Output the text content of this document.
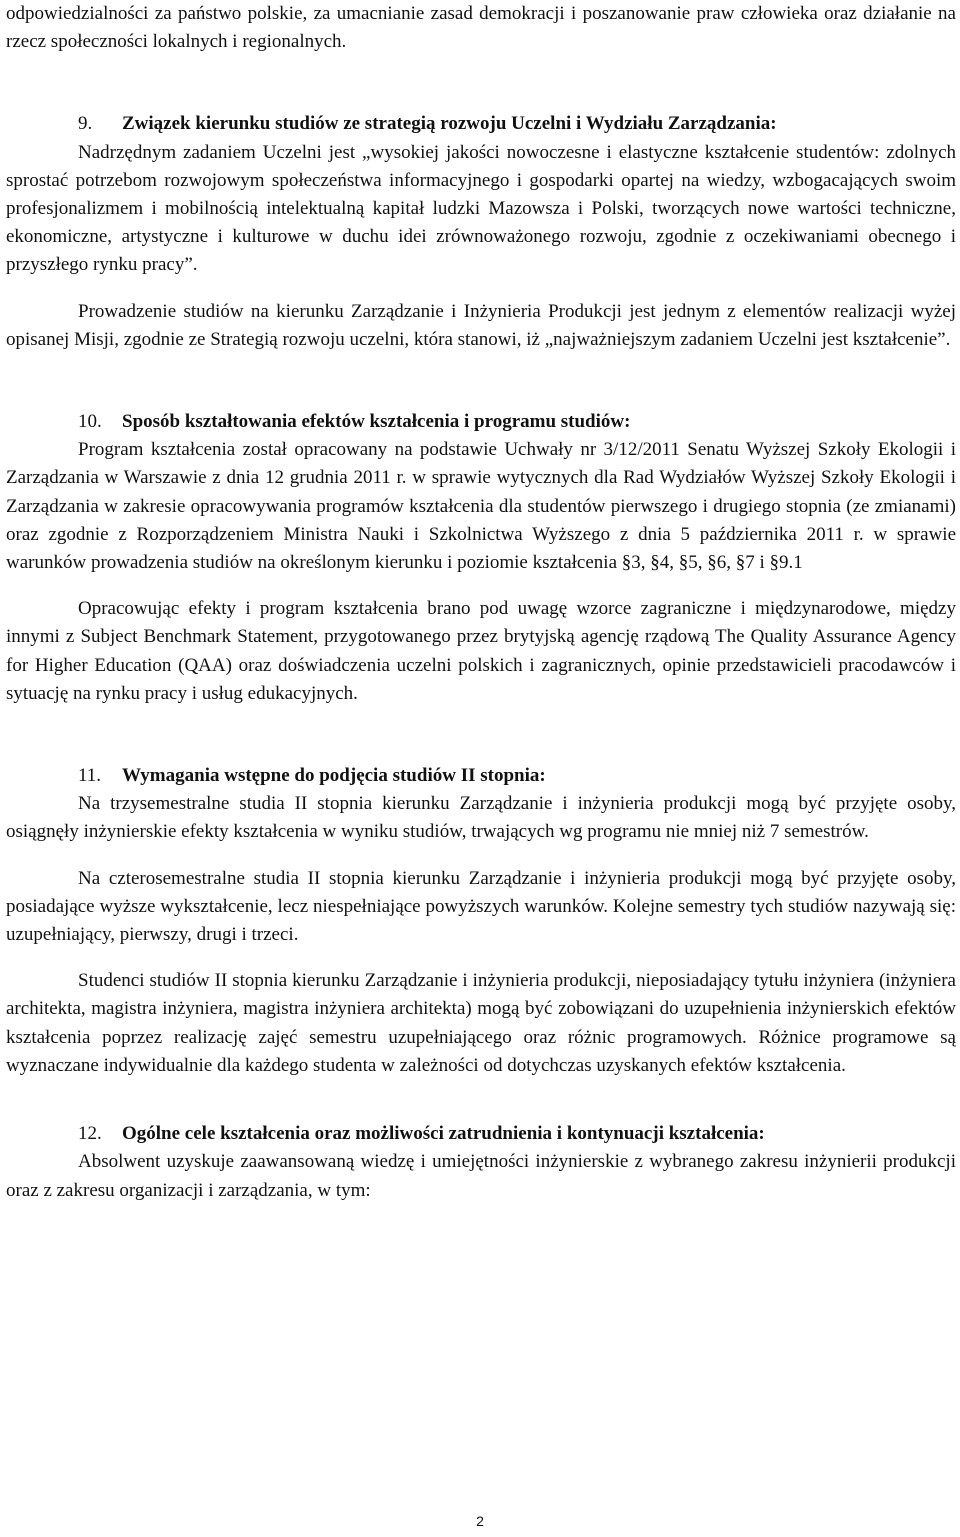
odpowiedzialności za państwo polskie, za umacnianie zasad demokracji i poszanowanie praw człowieka oraz działanie na rzecz społeczności lokalnych i regionalnych.

9. Związek kierunku studiów ze strategią rozwoju Uczelni i Wydziału Zarządzania:

Nadrzędnym zadaniem Uczelni jest „wysokiej jakości nowoczesne i elastyczne kształcenie studentów: zdolnych sprostać potrzebom rozwojowym społeczeństwa informacyjnego i gospodarki opartej na wiedzy, wzbogacających swoim profesjonalizmem i mobilnością intelektualną kapitał ludzki Mazowsza i Polski, tworzących nowe wartości techniczne, ekonomiczne, artystyczne i kulturowe w duchu idei zrównoważonego rozwoju, zgodnie z oczekiwaniami obecnego i przyszłego rynku pracy”.

Prowadzenie studiów na kierunku Zarządzanie i Inżynieria Produkcji jest jednym z elementów realizacji wyżej opisanej Misji, zgodnie ze Strategią rozwoju uczelni, która stanowi, iż „najważniejszym zadaniem Uczelni jest kształcenie”.

10. Sposób kształtowania efektów kształcenia i programu studiów:

Program kształcenia został opracowany na podstawie Uchwały nr 3/12/2011 Senatu Wyższej Szkoły Ekologii i Zarządzania w Warszawie z dnia 12 grudnia 2011 r. w sprawie wytycznych dla Rad Wydziałów Wyższej Szkoły Ekologii i Zarządzania w zakresie opracowywania programów kształcenia dla studentów pierwszego i drugiego stopnia (ze zmianami) oraz zgodnie z Rozporządzeniem Ministra Nauki i Szkolnictwa Wyższego z dnia 5 października 2011 r. w sprawie warunków prowadzenia studiów na określonym kierunku i poziomie kształcenia §3, §4, §5, §6, §7 i §9.1

Opracowując efekty i program kształcenia brano pod uwagę wzorce zagraniczne i międzynarodowe, między innymi z Subject Benchmark Statement, przygotowanego przez brytyjską agencję rządową The Quality Assurance Agency for Higher Education (QAA) oraz doświadczenia uczelni polskich i zagranicznych, opinie przedstawicieli pracodawców i sytuację na rynku pracy i usług edukacyjnych.

11. Wymagania wstępne do podjęcia studiów II stopnia:

Na trzysemestralne studia II stopnia kierunku Zarządzanie i inżynieria produkcji mogą być przyjęte osoby, osiągnęły inżynierskie efekty kształcenia w wyniku studiów, trwających wg programu nie mniej niż 7 semestrów.

Na czterosemestralne studia II stopnia kierunku Zarządzanie i inżynieria produkcji mogą być przyjęte osoby, posiadające wyższe wykształcenie, lecz niespełniające powyższych warunków. Kolejne semestry tych studiów nazywają się: uzupełniający, pierwszy, drugi i trzeci.

Studenci studiów II stopnia kierunku Zarządzanie i inżynieria produkcji, nieposiadający tytułu inżyniera (inżyniera architekta, magistra inżyniera, magistra inżyniera architekta) mogą być zobowiązani do uzupełnienia inżynierskich efektów kształcenia poprzez realizację zajęć semestru uzupełniającego oraz różnic programowych. Różnice programowe są wyznaczane indywidualnie dla każdego studenta w zależności od dotychczas uzyskanych efektów kształcenia.

12. Ogólne cele kształcenia oraz możliwości zatrudnienia i kontynuacji kształcenia:

Absolwent uzyskuje zaawansowaną wiedzę i umiejętności inżynierskie z wybranego zakresu inżynierii produkcji oraz z zakresu organizacji i zarządzania, w tym:

2
